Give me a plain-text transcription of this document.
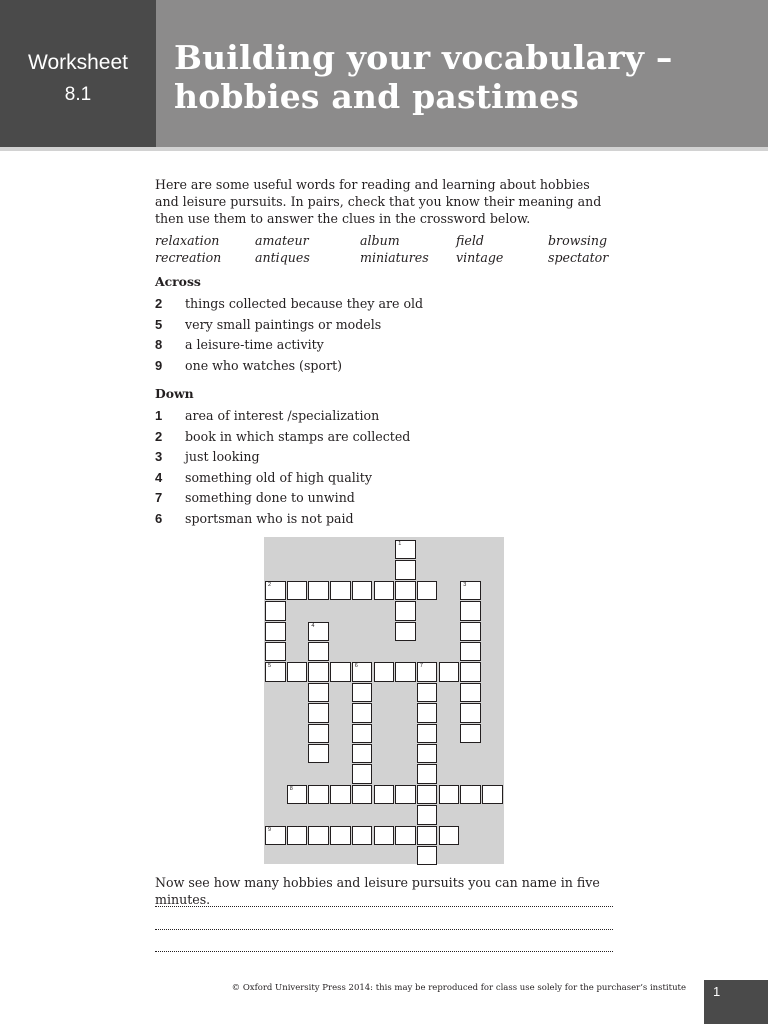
Worksheet
8.1
Building your vocabulary –
hobbies and pastimes

Here are some useful words for reading and learning about hobbies and leisure pursuits. In pairs, check that you know their meaning and then use them to answer the clues in the crossword below.

relaxation	amateur	album	field	browsing
recreation	antiques	miniatures	vintage	spectator
Across
2	things collected because they are old
5	very small paintings or models
8	a leisure-time activity
9	one who watches (sport)
Down
1	area of interest /specialization
2	book in which stamps are collected
3	just looking
4	something old of high quality
7	something done to unwind
6	sportsman who is not paid
1
2
5
3
4
6	7
8
9

Now see how many hobbies and leisure pursuits you can name in five minutes.

© Oxford University Press 2014: this may be reproduced for class use solely for the purchaser’s institute 1
